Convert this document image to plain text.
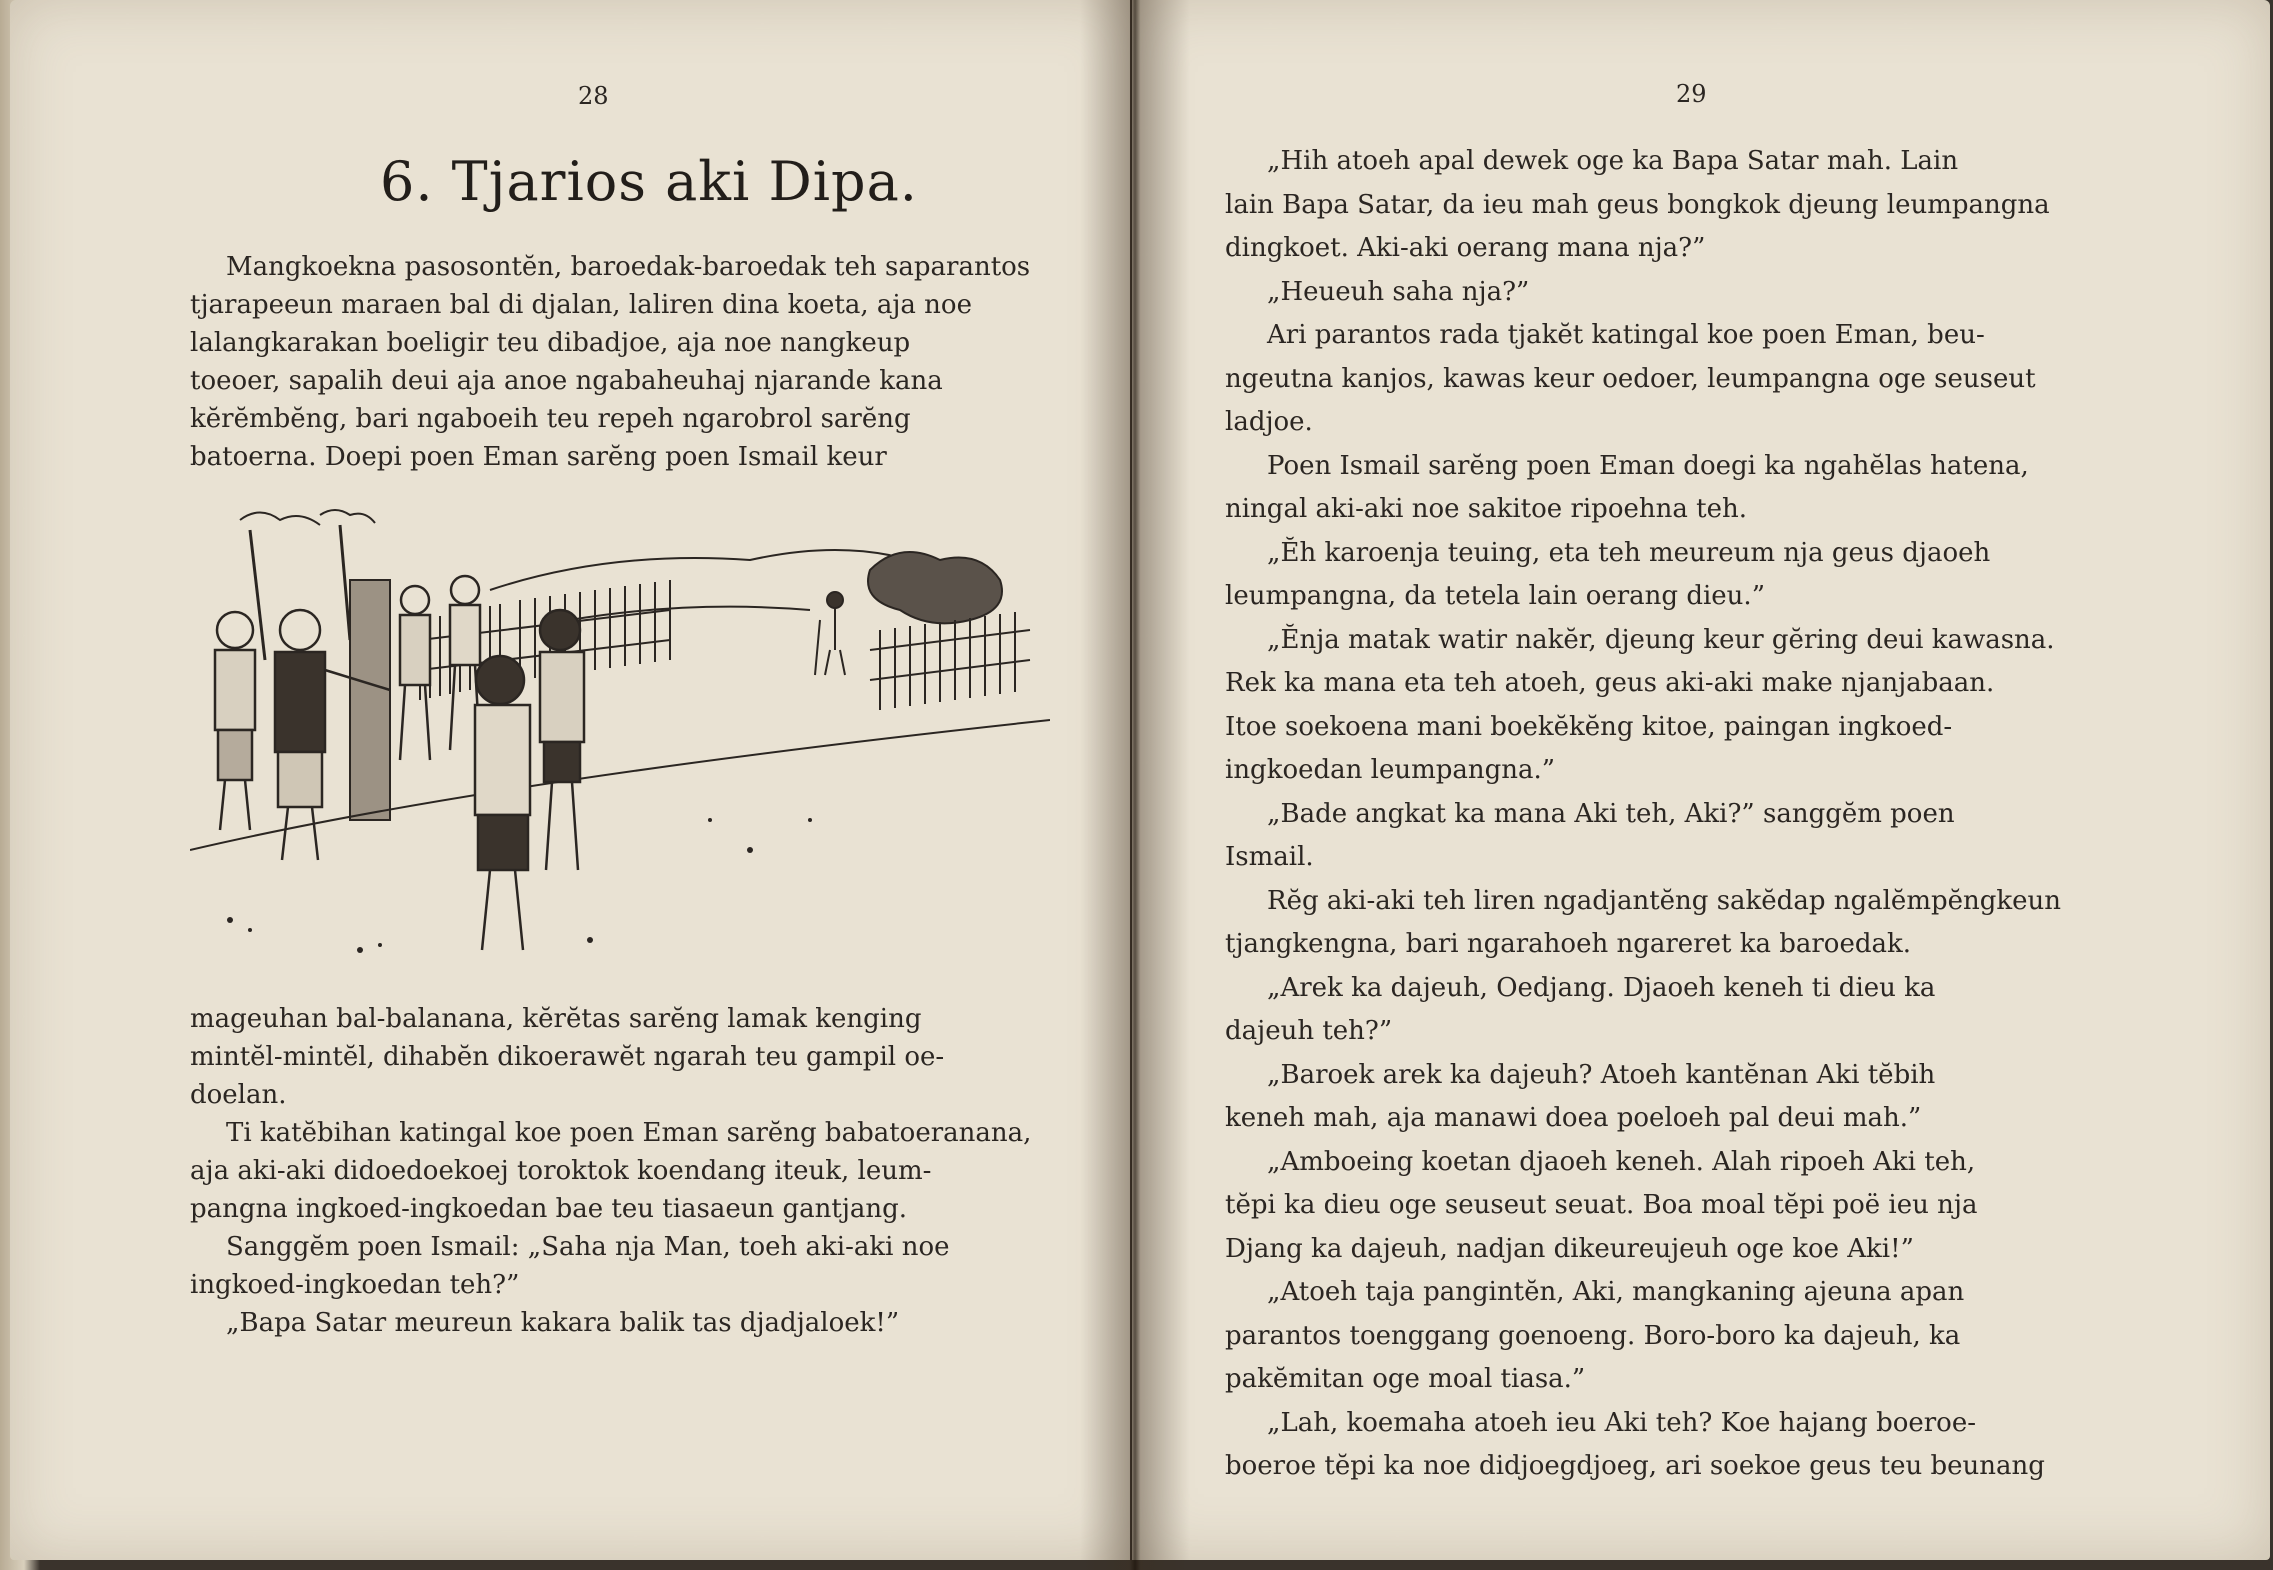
28
6. Tjarios aki Dipa.
Mangkoekna pasosontĕn, baroedak-baroedak teh saparantos
tjarapeeun maraen bal di djalan, laliren dina koeta, aja noe
lalangkarakan boeligir teu dibadjoe, aja noe nangkeup
toeoer, sapalih deui aja anoe ngabaheuhaj njarande kana
kĕrĕmbĕng, bari ngaboeih teu repeh ngarobrol sarĕng
batoerna. Doepi poen Eman sarĕng poen Ismail keur
mageuhan bal-balanana, kĕrĕtas sarĕng lamak kenging
mintĕl-mintĕl, dihabĕn dikoerawĕt ngarah teu gampil oe-
doelan.
Ti katĕbihan katingal koe poen Eman sarĕng babatoeranana,
aja aki-aki didoedoekoej toroktok koendang iteuk, leum-
pangna ingkoed-ingkoedan bae teu tiasaeun gantjang.
Sanggĕm poen Ismail: „Saha nja Man, toeh aki-aki noe
ingkoed-ingkoedan teh?”
„Bapa Satar meureun kakara balik tas djadjaloek!”
29
„Hih atoeh apal dewek oge ka Bapa Satar mah. Lain
lain Bapa Satar, da ieu mah geus bongkok djeung leumpangna
dingkoet. Aki-aki oerang mana nja?”
„Heueuh saha nja?”
Ari parantos rada tjakĕt katingal koe poen Eman, beu-
ngeutna kanjos, kawas keur oedoer, leumpangna oge seuseut
ladjoe.
Poen Ismail sarĕng poen Eman doegi ka ngahĕlas hatena,
ningal aki-aki noe sakitoe ripoehna teh.
„Ĕh karoenja teuing, eta teh meureum nja geus djaoeh
leumpangna, da tetela lain oerang dieu.”
„Ĕnja matak watir nakĕr, djeung keur gĕring deui kawasna.
Rek ka mana eta teh atoeh, geus aki-aki make njanjabaan.
Itoe soekoena mani boekĕkĕng kitoe, paingan ingkoed-
ingkoedan leumpangna.”
„Bade angkat ka mana Aki teh, Aki?” sanggĕm poen
Ismail.
Rĕg aki-aki teh liren ngadjantĕng sakĕdap ngalĕmpĕngkeun
tjangkengna, bari ngarahoeh ngareret ka baroedak.
„Arek ka dajeuh, Oedjang. Djaoeh keneh ti dieu ka
dajeuh teh?”
„Baroek arek ka dajeuh? Atoeh kantĕnan Aki tĕbih
keneh mah, aja manawi doea poeloeh pal deui mah.”
„Amboeing koetan djaoeh keneh. Alah ripoeh Aki teh,
tĕpi ka dieu oge seuseut seuat. Boa moal tĕpi poë ieu nja
Djang ka dajeuh, nadjan dikeureujeuh oge koe Aki!”
„Atoeh taja pangintĕn, Aki, mangkaning ajeuna apan
parantos toenggang goenoeng. Boro-boro ka dajeuh, ka
pakĕmitan oge moal tiasa.”
„Lah, koemaha atoeh ieu Aki teh? Koe hajang boeroe-
boeroe tĕpi ka noe didjoegdjoeg, ari soekoe geus teu beunang
